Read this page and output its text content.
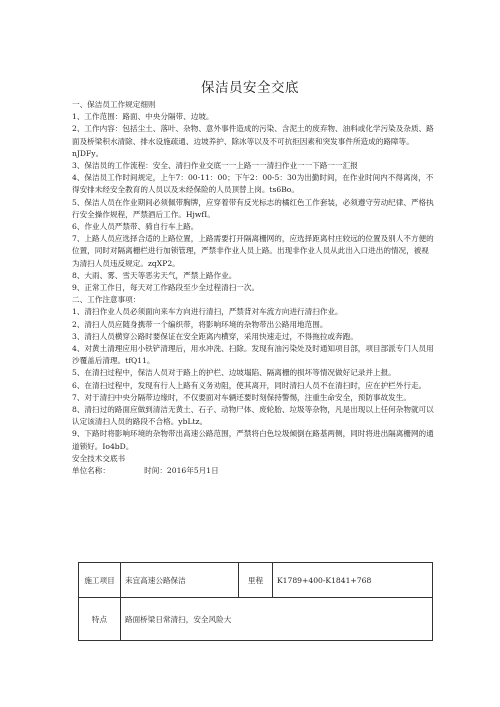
保洁员安全交底

一、保洁员工作规定细则

1、工作范围：路面、中央分隔带、边坡。

2、工作内容：包括尘土、落叶、杂物、意外事件造成的污染、含泥土的废弃物、油料或化学污染及杂质、路面及桥梁积水清除、排水设施疏通、边坡养护、除冰等以及不可抗拒因素和突发事件所造成的路障等。nJDFy。

3、保洁员的工作流程：安全、清扫作业交底一一上路一一清扫作业一一下路一一汇报

4、保洁员工作时间规定，上午7：00-11：00；下午2：00-5：30为出勤时间，在作业时间内不得离岗，不得安排未经安全教育的人员以及未经保险的人员顶替上岗。ts6Bo。

5、保洁人员在作业期间必须佩带胸牌，应穿着带有反光标志的橘红色工作套装，必须遵守劳动纪律、严格执行安全操作规程，严禁酒后工作。HjwfI。

6、作业人员严禁带、骑自行车上路。

7、上路人员应选择合适的上路位置，上路需要打开隔离栅网的，应选择距离村庄较远的位置及别人不方便的位置，同时对隔离栅栏进行加锁管理，严禁非作业人员上路。出现非作业人员从此出入口进出的情况，被视为清扫人员违反规定。zqXP2。

8、大雨、雾、雪天等恶劣天气，严禁上路作业。

9、正常工作日，每天对工作路段至少全过程清扫一次。

二、工作注意事项：

1、清扫作业人员必须面向来车方向进行清扫，严禁背对车流方向进行清扫作业。

2、清扫人员应随身携带一个编织带，将影响环境的杂物带出公路用地范围。

3、清扫人员横穿公路时要保证在安全距离内横穿，采用快速走过，不得拖拉或奔跑。

4、对黄土清理应用小铁铲清理后，用水冲洗、扫除。发现有油污染处及时通知项目部，项目部派专门人员用沙覆盖后清理。tfQ11。

5、在清扫过程中，保洁人员对于路上的护栏、边坡塌陷、隔离栅的损坏等情况做好记录并上报。

6、在清扫过程中，发现有行人上路有义务劝阻，使其离开，同时清扫人员不在清扫时，应在护栏外行走。

7、对于清扫中央分隔带边缘时，不仅要面对车辆还要时刻保持警惕，注重生命安全，预防事故发生。

8、清扫过的路面应做到清洁无黄土、石子、动物尸体、废轮胎、垃圾等杂物，凡是出现以上任何杂物就可以认定该清扫人员的路段不合格。ybLtz。

9、下路时将影响环境的杂物带出高速公路范围，严禁将白色垃圾倾倒在路基两侧，同时将进出隔离栅网的通道锁好。Io4bD。

安全技术交底书

单位名称：　　　　　时间：2016年5月1日

施工项目	耒宜高速公路保洁	里程	K1789+400-K1841+768
特点	路面桥梁日常清扫，安全风险大		
